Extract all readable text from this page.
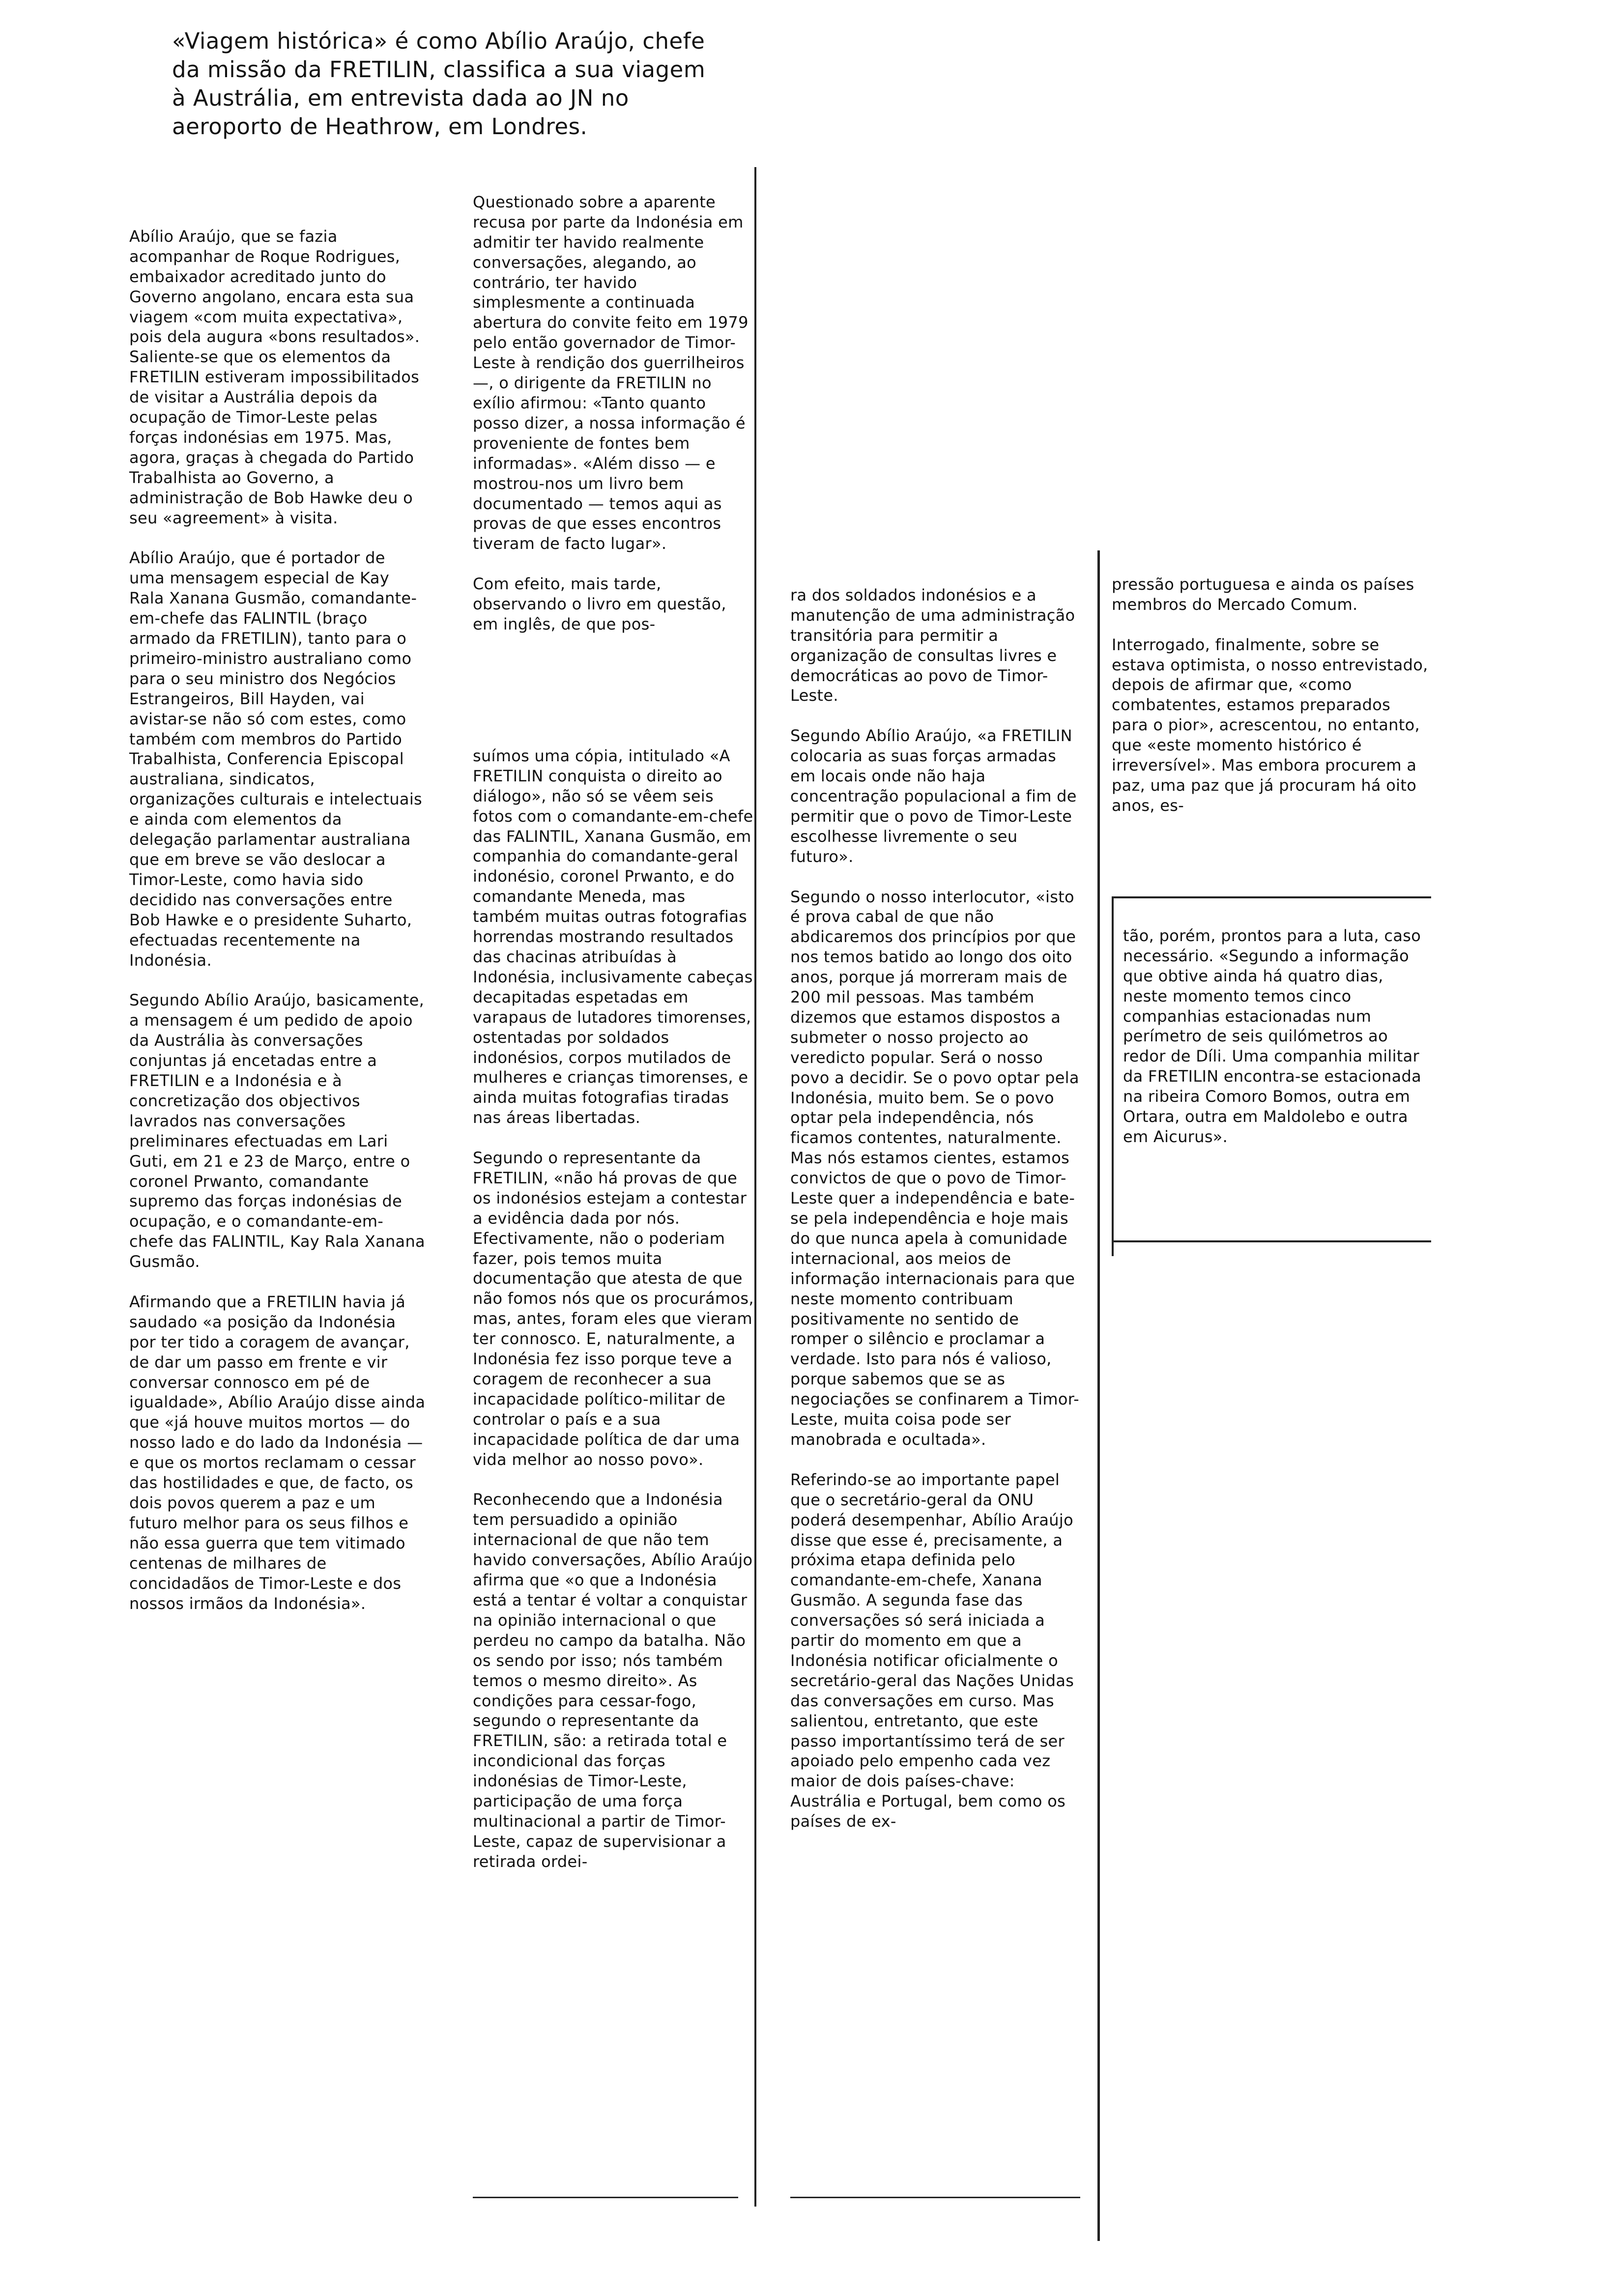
«Viagem histórica» é como Abílio Araújo, chefe da missão da FRETILIN, classifica a sua viagem à Austrália, em entrevista dada ao JN no aeroporto de Heathrow, em Londres.

Abílio Araújo, que se fazia acompanhar de Roque Rodrigues, embaixador acreditado junto do Governo angolano, encara esta sua viagem «com muita expectativa», pois dela augura «bons resultados». Saliente-se que os elementos da FRETILIN estiveram impossibilitados de visitar a Austrália depois da ocupação de Timor-Leste pelas forças indonésias em 1975. Mas, agora, graças à chegada do Partido Trabalhista ao Governo, a administração de Bob Hawke deu o seu «agreement» à visita.

Abílio Araújo, que é portador de uma mensagem especial de Kay Rala Xanana Gusmão, comandante-em-chefe das FALINTIL (braço armado da FRETILIN), tanto para o primeiro-ministro australiano como para o seu ministro dos Negócios Estrangeiros, Bill Hayden, vai avistar-se não só com estes, como também com membros do Partido Trabalhista, Conferencia Episcopal australiana, sindicatos, organizações culturais e intelectuais e ainda com elementos da delegação parlamentar australiana que em breve se vão deslocar a Timor-Leste, como havia sido decidido nas conversações entre Bob Hawke e o presidente Suharto, efectuadas recentemente na Indonésia.

Segundo Abílio Araújo, basicamente, a mensagem é um pedido de apoio da Austrália às conversações conjuntas já encetadas entre a FRETILIN e a Indonésia e à concretização dos objectivos lavrados nas conversações preliminares efectuadas em Lari Guti, em 21 e 23 de Março, entre o coronel Prwanto, comandante supremo das forças indonésias de ocupação, e o comandante-em-chefe das FALINTIL, Kay Rala Xanana Gusmão.

Afirmando que a FRETILIN havia já saudado «a posição da Indonésia por ter tido a coragem de avançar, de dar um passo em frente e vir conversar connosco em pé de igualdade», Abílio Araújo disse ainda que «já houve muitos mortos — do nosso lado e do lado da Indonésia — e que os mortos reclamam o cessar das hostilidades e que, de facto, os dois povos querem a paz e um futuro melhor para os seus filhos e não essa guerra que tem vitimado centenas de milhares de concidadãos de Timor-Leste e dos nossos irmãos da Indonésia».

Questionado sobre a aparente recusa por parte da Indonésia em admitir ter havido realmente conversações, alegando, ao contrário, ter havido simplesmente a continuada abertura do convite feito em 1979 pelo então governador de Timor-Leste à rendição dos guerrilheiros —, o dirigente da FRETILIN no exílio afirmou: «Tanto quanto posso dizer, a nossa informação é proveniente de fontes bem informadas». «Além disso — e mostrou-nos um livro bem documentado — temos aqui as provas de que esses encontros tiveram de facto lugar».

Com efeito, mais tarde, observando o livro em questão, em inglês, de que pos-

suímos uma cópia, intitulado «A FRETILIN conquista o direito ao diálogo», não só se vêem seis fotos com o comandante-em-chefe das FALINTIL, Xanana Gusmão, em companhia do comandante-geral indonésio, coronel Prwanto, e do comandante Meneda, mas também muitas outras fotografias horrendas mostrando resultados das chacinas atribuídas à Indonésia, inclusivamente cabeças decapitadas espetadas em varapaus de lutadores timorenses, ostentadas por soldados indonésios, corpos mutilados de mulheres e crianças timorenses, e ainda muitas fotografias tiradas nas áreas libertadas.

Segundo o representante da FRETILIN, «não há provas de que os indonésios estejam a contestar a evidência dada por nós. Efectivamente, não o poderiam fazer, pois temos muita documentação que atesta de que não fomos nós que os procurámos, mas, antes, foram eles que vieram ter connosco. E, naturalmente, a Indonésia fez isso porque teve a coragem de reconhecer a sua incapacidade político-militar de controlar o país e a sua incapacidade política de dar uma vida melhor ao nosso povo».

Reconhecendo que a Indonésia tem persuadido a opinião internacional de que não tem havido conversações, Abílio Araújo afirma que «o que a Indonésia está a tentar é voltar a conquistar na opinião internacional o que perdeu no campo da batalha. Não os sendo por isso; nós também temos o mesmo direito». As condições para cessar-fogo, segundo o representante da FRETILIN, são: a retirada total e incondicional das forças indonésias de Timor-Leste, participação de uma força multinacional a partir de Timor-Leste, capaz de supervisionar a retirada ordei-

ra dos soldados indonésios e a manutenção de uma administração transitória para permitir a organização de consultas livres e democráticas ao povo de Timor-Leste.

Segundo Abílio Araújo, «a FRETILIN colocaria as suas forças armadas em locais onde não haja concentração populacional a fim de permitir que o povo de Timor-Leste escolhesse livremente o seu futuro».

Segundo o nosso interlocutor, «isto é prova cabal de que não abdicaremos dos princípios por que nos temos batido ao longo dos oito anos, porque já morreram mais de 200 mil pessoas. Mas também dizemos que estamos dispostos a submeter o nosso projecto ao veredicto popular. Será o nosso povo a decidir. Se o povo optar pela Indonésia, muito bem. Se o povo optar pela independência, nós ficamos contentes, naturalmente. Mas nós estamos cientes, estamos convictos de que o povo de Timor-Leste quer a independência e bate-se pela independência e hoje mais do que nunca apela à comunidade internacional, aos meios de informação internacionais para que neste momento contribuam positivamente no sentido de romper o silêncio e proclamar a verdade. Isto para nós é valioso, porque sabemos que se as negociações se confinarem a Timor-Leste, muita coisa pode ser manobrada e ocultada».

Referindo-se ao importante papel que o secretário-geral da ONU poderá desempenhar, Abílio Araújo disse que esse é, precisamente, a próxima etapa definida pelo comandante-em-chefe, Xanana Gusmão. A segunda fase das conversações só será iniciada a partir do momento em que a Indonésia notificar oficialmente o secretário-geral das Nações Unidas das conversações em curso. Mas salientou, entretanto, que este passo importantíssimo terá de ser apoiado pelo empenho cada vez maior de dois países-chave: Austrália e Portugal, bem como os países de ex-

pressão portuguesa e ainda os países membros do Mercado Comum.

Interrogado, finalmente, sobre se estava optimista, o nosso entrevistado, depois de afirmar que, «como combatentes, estamos preparados para o pior», acrescentou, no entanto, que «este momento histórico é irreversível». Mas embora procurem a paz, uma paz que já procuram há oito anos, es-

tão, porém, prontos para a luta, caso necessário. «Segundo a informação que obtive ainda há quatro dias, neste momento temos cinco companhias estacionadas num perímetro de seis quilómetros ao redor de Díli. Uma companhia militar da FRETILIN encontra-se estacionada na ribeira Comoro Bomos, outra em Ortara, outra em Maldolebo e outra em Aicurus».
